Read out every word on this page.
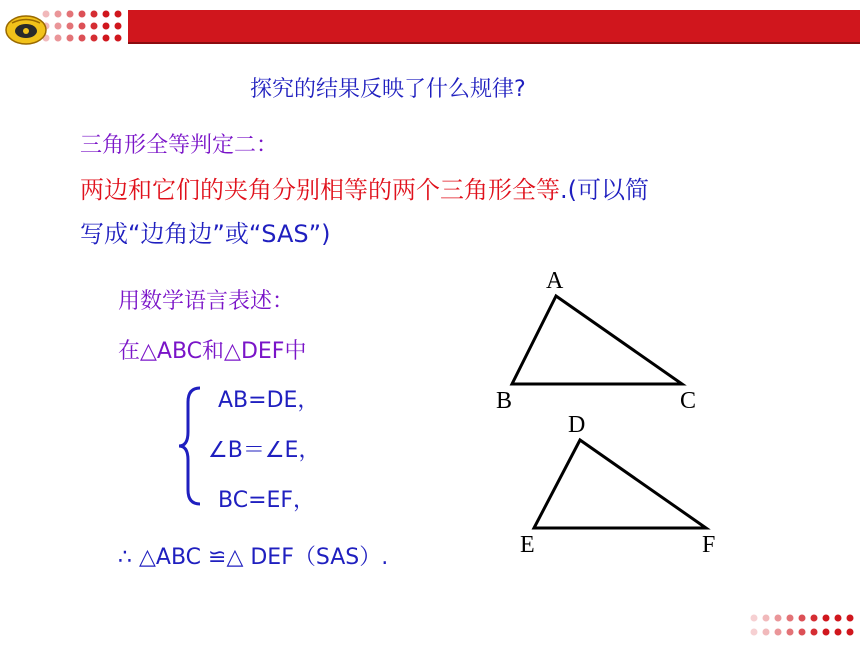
探究的结果反映了什么规律?
三角形全等判定二：
两边和它们的夹角分别相等的两个三角形全等.(可以简
写成“边角边”或“SAS”)
用数学语言表述：
在△ABC和△DEF中
AB=DE，
∠B＝∠E，
BC=EF，
∴ △ABC ≌△ DEF（SAS）.
A
B	C
D
E	F
